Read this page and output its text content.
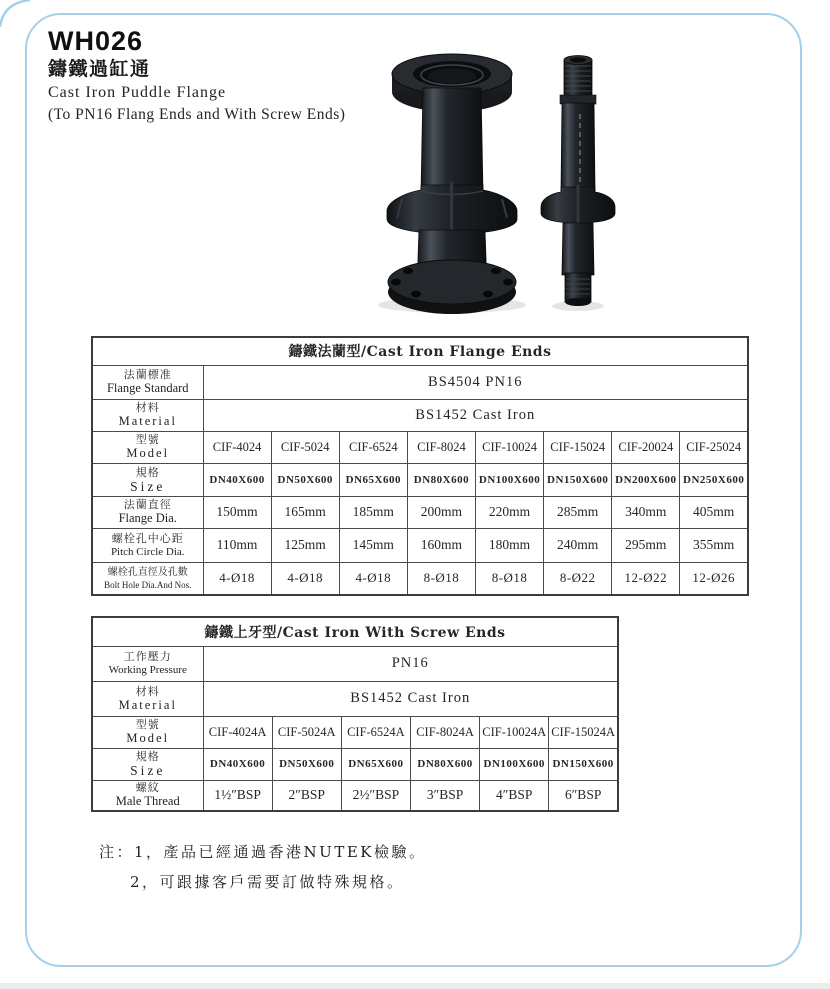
WH026
鑄鐵過缸通
Cast Iron Puddle Flange
(To PN16 Flang Ends and With Screw Ends)
鑄鐵法蘭型/Cast Iron Flange Ends								

法蘭標准
Flange Standard	BS4504 PN16							

材料
Material	BS1452 Cast Iron							

型號
Model	CIF-4024	CIF-5024	CIF-6524	CIF-8024	CIF-10024	CIF-15024	CIF-20024	CIF-25024

規格
Size	DN40X600	DN50X600	DN65X600	DN80X600	DN100X600	DN150X600	DN200X600	DN250X600

法蘭直徑
Flange Dia.	150mm	165mm	185mm	200mm	220mm	285mm	340mm	405mm

螺栓孔中心距
Pitch Circle Dia.	110mm	125mm	145mm	160mm	180mm	240mm	295mm	355mm

螺栓孔直徑及孔數
Bolt Hole Dia.And Nos.	4-Ø18	4-Ø18	4-Ø18	8-Ø18	8-Ø18	8-Ø22	12-Ø22	12-Ø26
鑄鐵上牙型/Cast Iron With Screw Ends						

工作壓力
Working Pressure	PN16					

材料
Material	BS1452 Cast Iron					

型號
Model	CIF-4024A	CIF-5024A	CIF-6524A	CIF-8024A	CIF-10024A	CIF-15024A

規格
Size	DN40X600	DN50X600	DN65X600	DN80X600	DN100X600	DN150X600

螺紋
Male Thread	1½″BSP	2″BSP	2½″BSP	3″BSP	4″BSP	6″BSP
注：1，產品已經通過香港NUTEK檢驗。
2，可跟據客戶需要訂做特殊規格。
